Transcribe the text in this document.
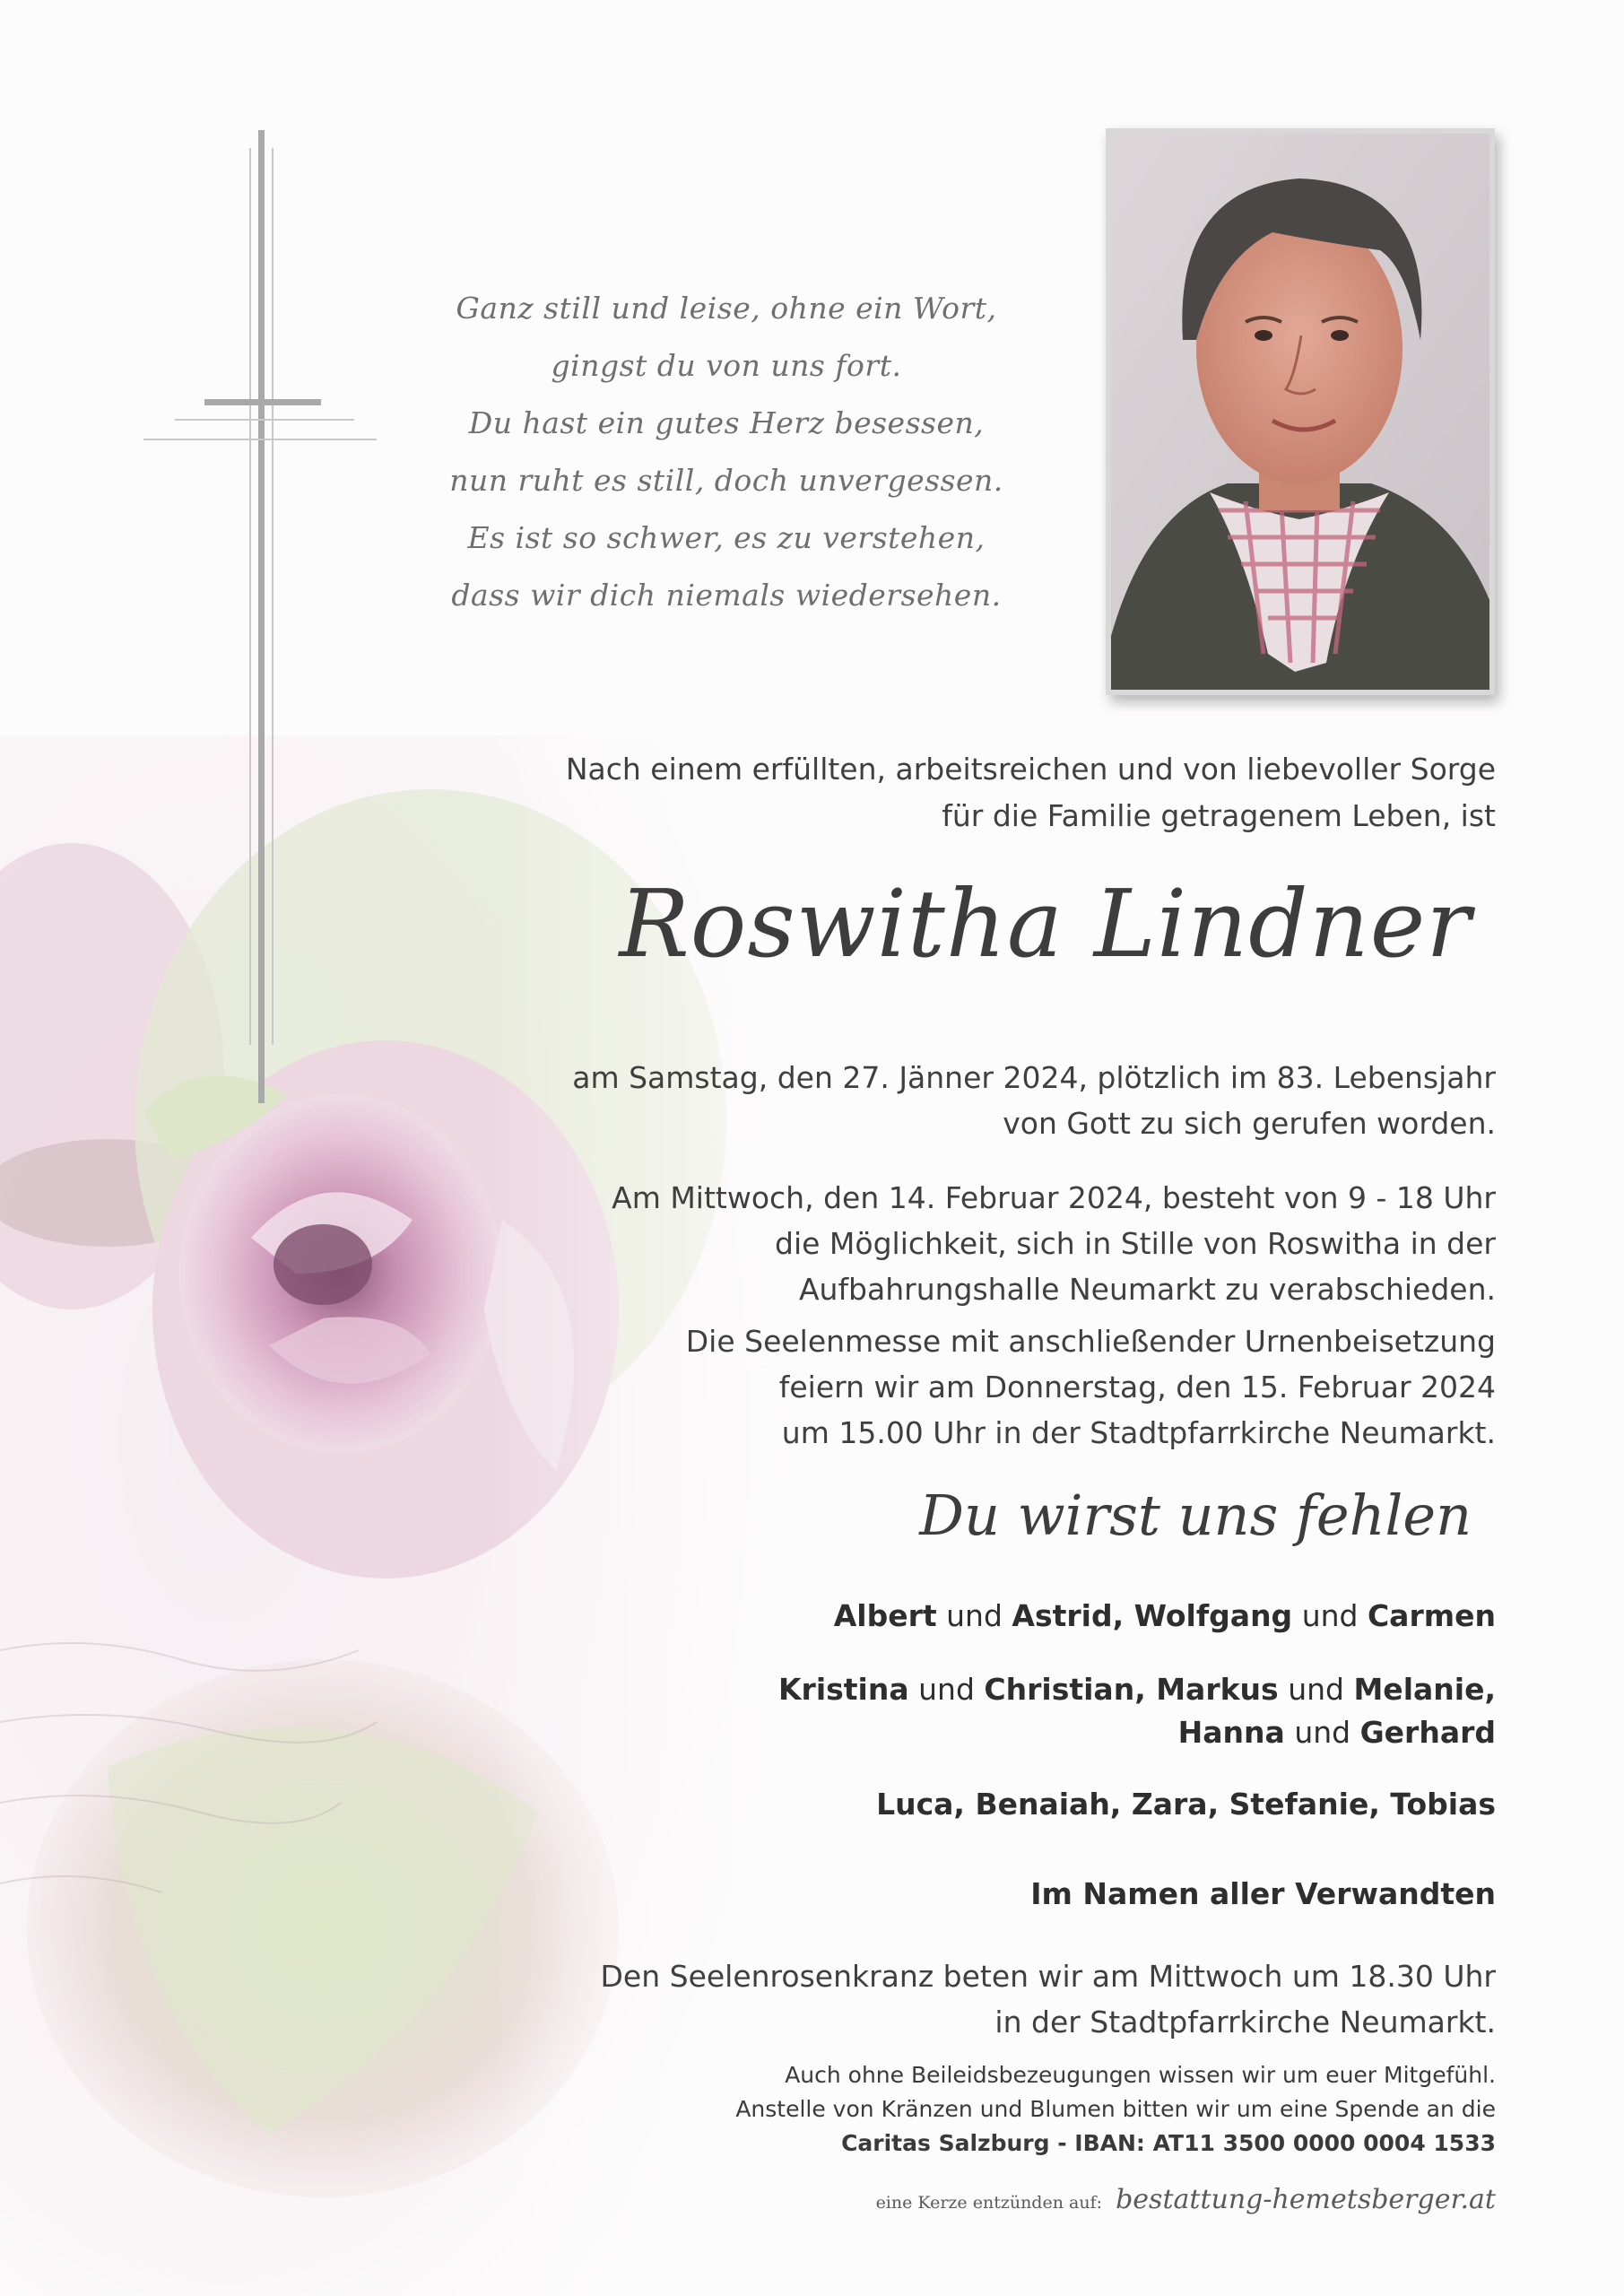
Ganz still und leise, ohne ein Wort,
gingst du von uns fort.
Du hast ein gutes Herz besessen,
nun ruht es still, doch unvergessen.
Es ist so schwer, es zu verstehen,
dass wir dich niemals wiedersehen.
Nach einem erfüllten, arbeitsreichen und von liebevoller Sorge
für die Familie getragenem Leben, ist
Roswitha Lindner
am Samstag, den 27. Jänner 2024, plötzlich im 83. Lebensjahr
von Gott zu sich gerufen worden.
Am Mittwoch, den 14. Februar 2024, besteht von 9 - 18 Uhr
die Möglichkeit, sich in Stille von Roswitha in der
Aufbahrungshalle Neumarkt zu verabschieden.
Die Seelenmesse mit anschließender Urnenbeisetzung
feiern wir am Donnerstag, den 15. Februar 2024
um 15.00 Uhr in der Stadtpfarrkirche Neumarkt.
Du wirst uns fehlen
Albert und Astrid, Wolfgang und Carmen
Kristina und Christian, Markus und Melanie,
Hanna und Gerhard
Luca, Benaiah, Zara, Stefanie, Tobias
Im Namen aller Verwandten
Den Seelenrosenkranz beten wir am Mittwoch um 18.30 Uhr
in der Stadtpfarrkirche Neumarkt.
Auch ohne Beileidsbezeugungen wissen wir um euer Mitgefühl.
Anstelle von Kränzen und Blumen bitten wir um eine Spende an die
Caritas Salzburg - IBAN: AT11 3500 0000 0004 1533
eine Kerze entzünden auf: bestattung-hemetsberger.at
